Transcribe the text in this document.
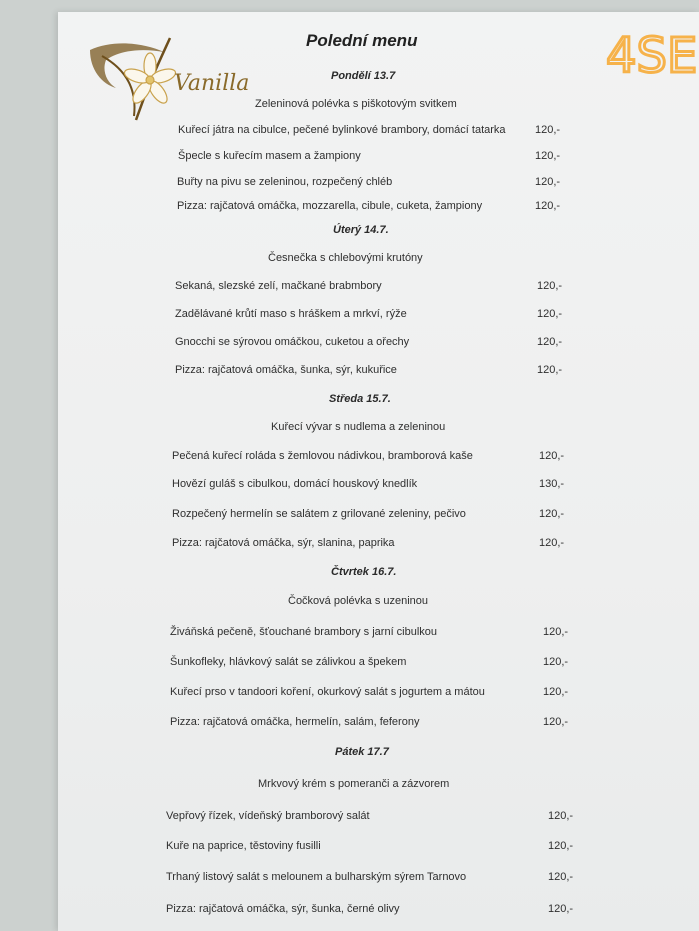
Vanilla	4SE
Polední menu
Pondělí 13.7
Zeleninová polévka s piškotovým svitkem
Kuřecí játra na cibulce, pečené bylinkové brambory, domácí tatarka	120,-
Špecle s kuřecím masem a žampiony	120,-
Buřty na pivu se zeleninou, rozpečený chléb	120,-
Pizza: rajčatová omáčka, mozzarella, cibule, cuketa, žampiony	120,-
Úterý 14.7.
Česnečka s chlebovými krutóny
Sekaná, slezské zelí, mačkané brabmbory	120,-
Zadělávané krůtí maso s hráškem a mrkví, rýže	120,-
Gnocchi se sýrovou omáčkou, cuketou a ořechy	120,-
Pizza: rajčatová omáčka, šunka, sýr, kukuřice	120,-
Středa 15.7.
Kuřecí vývar s nudlema a zeleninou
Pečená kuřecí roláda s žemlovou nádivkou, bramborová kaše	120,-
Hovězí guláš s cibulkou, domácí houskový knedlík	130,-
Rozpečený hermelín se salátem z grilované zeleniny, pečivo	120,-
Pizza: rajčatová omáčka, sýr, slanina, paprika	120,-
Čtvrtek 16.7.
Čočková polévka s uzeninou
Živáňská pečeně, šťouchané brambory s jarní cibulkou	120,-
Šunkofleky, hlávkový salát se zálivkou a špekem	120,-
Kuřecí prso v tandoori koření, okurkový salát s jogurtem a mátou	120,-
Pizza: rajčatová omáčka, hermelín, salám, feferony	120,-
Pátek 17.7
Mrkvový krém s pomeranči a zázvorem
Vepřový řízek, vídeňský bramborový salát	120,-
Kuře na paprice, těstoviny fusilli	120,-
Trhaný listový salát s melounem a bulharským sýrem Tarnovo	120,-
Pizza: rajčatová omáčka, sýr, šunka, černé olivy	120,-
